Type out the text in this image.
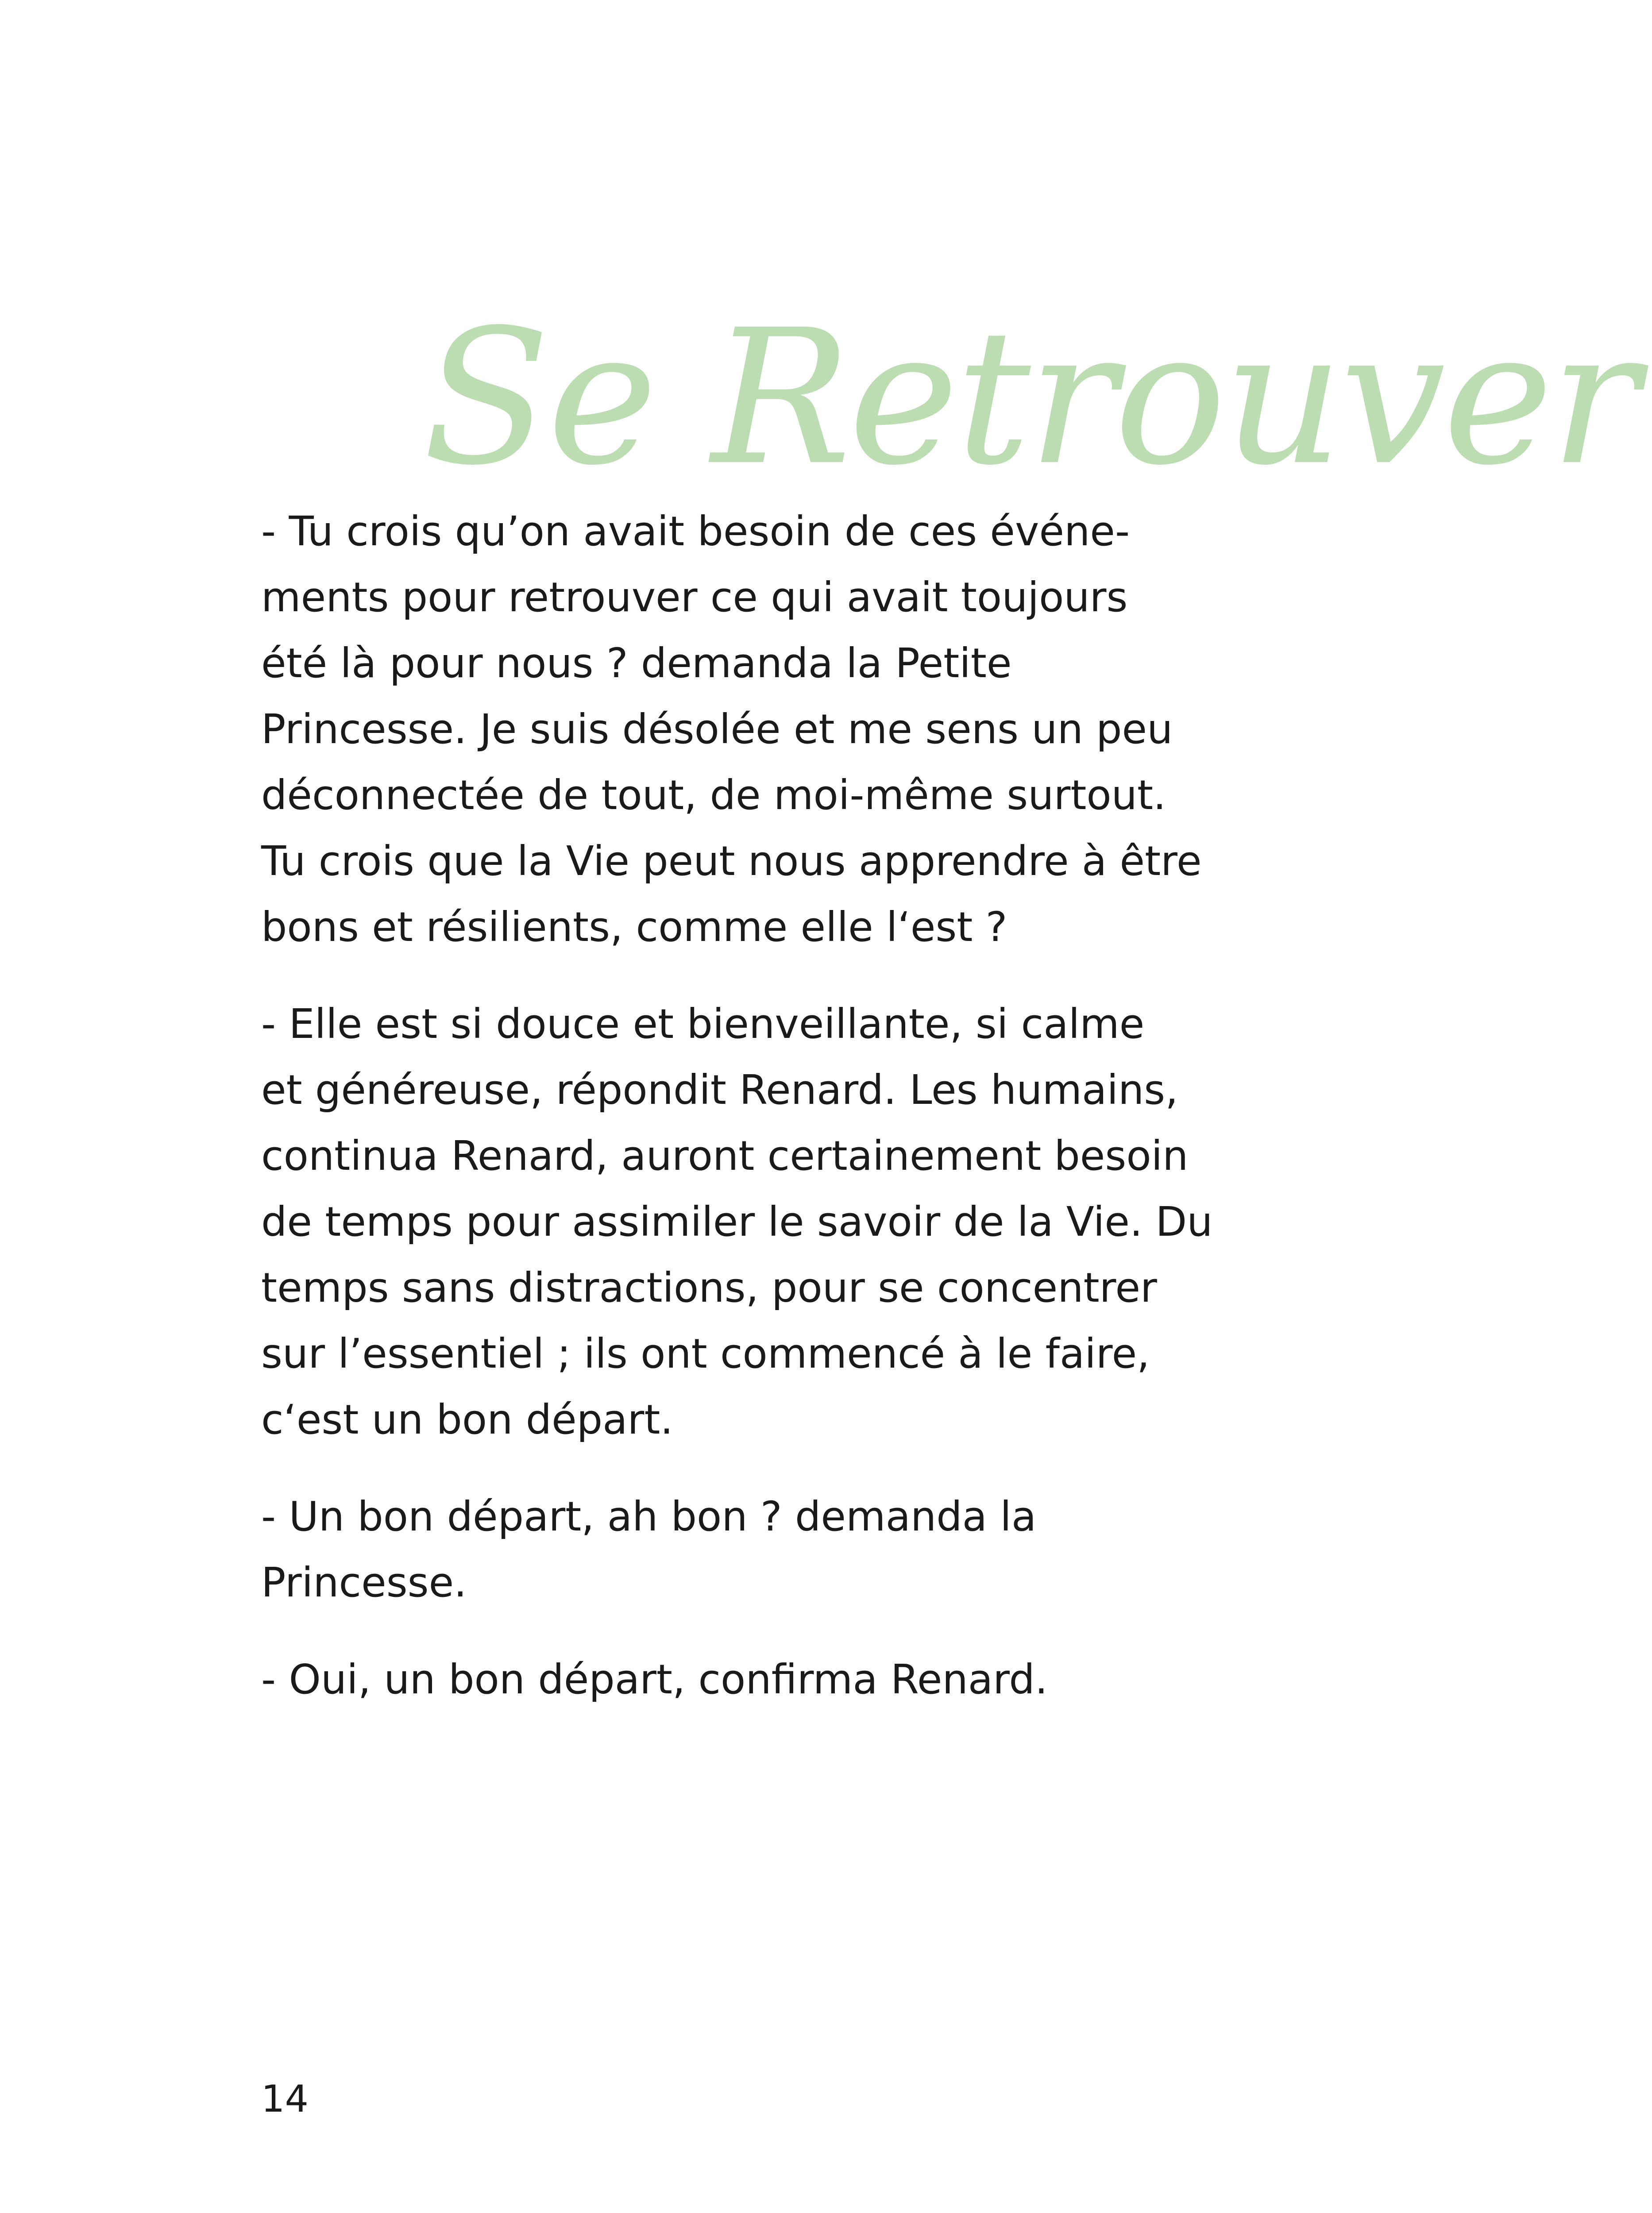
Se Retrouver

- Tu crois qu’on avait besoin de ces événe-
ments pour retrouver ce qui avait toujours
été là pour nous ? demanda la Petite
Princesse. Je suis désolée et me sens un peu
déconnectée de tout, de moi-même surtout.
Tu crois que la Vie peut nous apprendre à être
bons et résilients, comme elle l‘est ?

- Elle est si douce et bienveillante, si calme
et généreuse, répondit Renard. Les humains,
continua Renard, auront certainement besoin
de temps pour assimiler le savoir de la Vie. Du
temps sans distractions, pour se concentrer
sur l’essentiel ; ils ont commencé à le faire,
c‘est un bon départ.

- Un bon départ, ah bon ? demanda la
Princesse.

- Oui, un bon départ, confirma Renard.

14
